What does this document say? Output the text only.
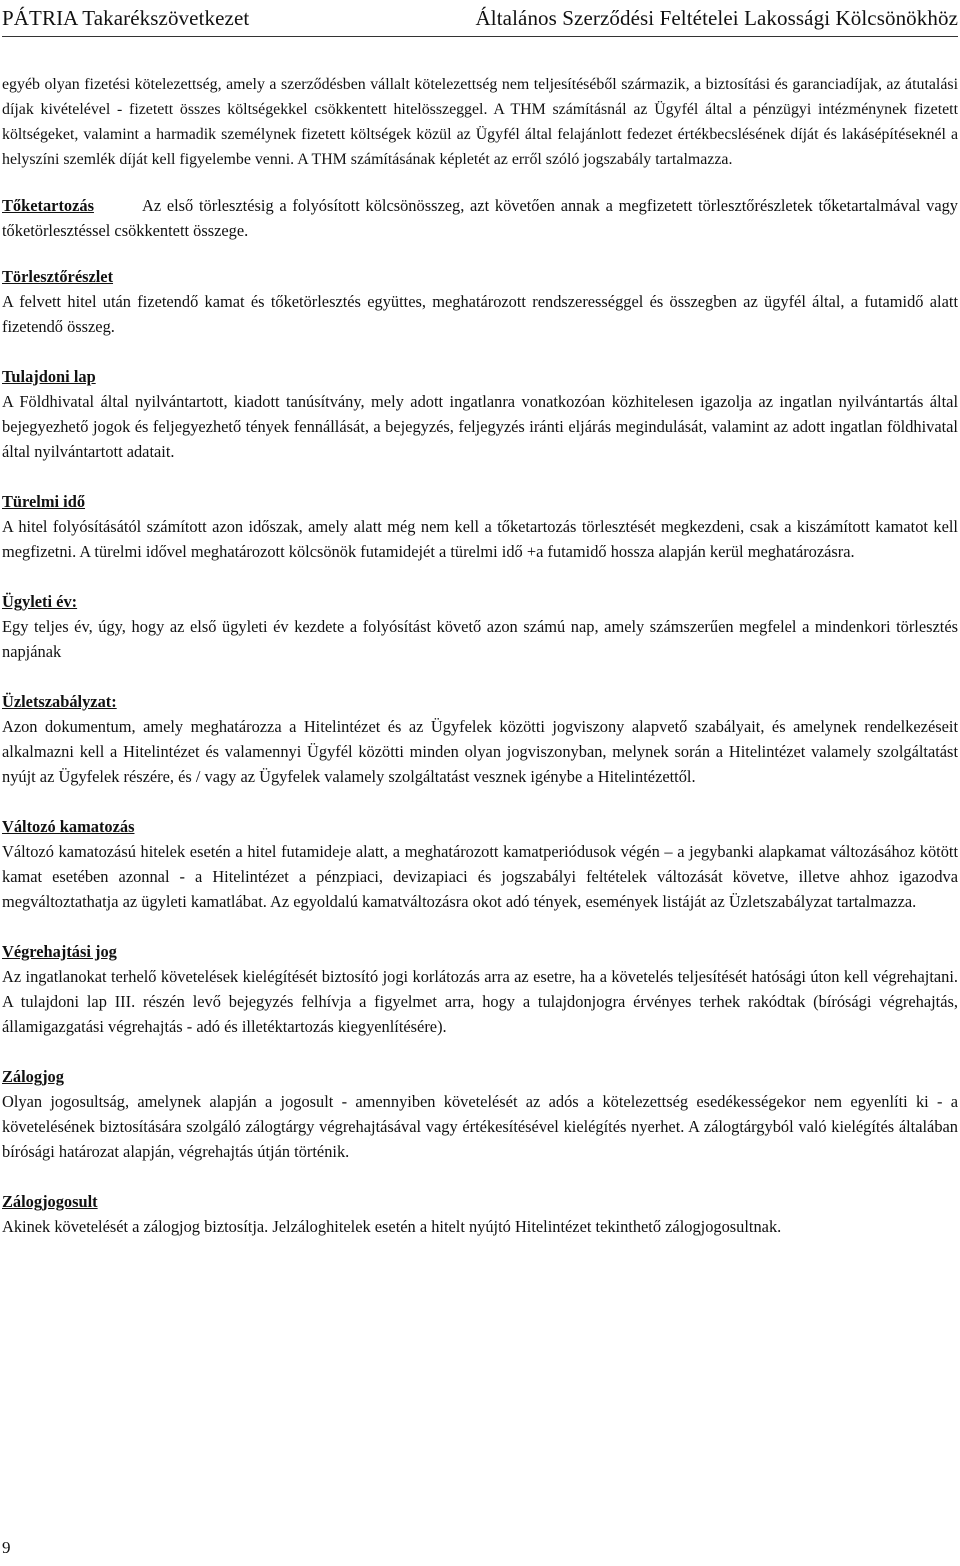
PÁTRIA Takarékszövetkezet	Általános Szerződési Feltételei Lakossági Kölcsönökhöz

egyéb olyan fizetési kötelezettség, amely a szerződésben vállalt kötelezettség nem teljesítéséből származik, a biztosítási és garanciadíjak, az átutalási díjak kivételével - fizetett összes költségekkel csökkentett hitelösszeggel. A THM számításnál az Ügyfél által a pénzügyi intézménynek fizetett költségeket, valamint a harmadik személynek fizetett költségek közül az Ügyfél által felajánlott fedezet értékbecslésének díját és lakásépítéseknél a helyszíni szemlék díját kell figyelembe venni. A THM számításának képletét az erről szóló jogszabály tartalmazza.

Tőketartozás	Az első törlesztésig a folyósított kölcsönösszeg, azt követően annak a megfizetett törlesztőrészletek tőketartalmával vagy tőketörlesztéssel csökkentett összege.

Törlesztőrészlet

A felvett hitel után fizetendő kamat és tőketörlesztés együttes, meghatározott rendszerességgel és összegben az ügyfél által, a futamidő alatt fizetendő összeg.

Tulajdoni lap

A Földhivatal által nyilvántartott, kiadott tanúsítvány, mely adott ingatlanra vonatkozóan közhitelesen igazolja az ingatlan nyilvántartás által bejegyezhető jogok és feljegyezhető tények fennállását, a bejegyzés, feljegyzés iránti eljárás megindulását, valamint az adott ingatlan földhivatal által nyilvántartott adatait.

Türelmi idő

A hitel folyósításától számított azon időszak, amely alatt még nem kell a tőketartozás törlesztését megkezdeni, csak a kiszámított kamatot kell megfizetni. A türelmi idővel meghatározott kölcsönök futamidejét a türelmi idő +a futamidő hossza alapján kerül meghatározásra.

Ügyleti év:

Egy teljes év, úgy, hogy az első ügyleti év kezdete a folyósítást követő azon számú nap, amely számszerűen megfelel a mindenkori törlesztés napjának

Üzletszabályzat:

Azon dokumentum, amely meghatározza a Hitelintézet és az Ügyfelek közötti jogviszony alapvető szabályait, és amelynek rendelkezéseit alkalmazni kell a Hitelintézet és valamennyi Ügyfél közötti minden olyan jogviszonyban, melynek során a Hitelintézet valamely szolgáltatást nyújt az Ügyfelek részére, és / vagy az Ügyfelek valamely szolgáltatást vesznek igénybe a Hitelintézettől.

Változó kamatozás

Változó kamatozású hitelek esetén a hitel futamideje alatt, a meghatározott kamatperiódusok végén – a jegybanki alapkamat változásához kötött kamat esetében azonnal - a Hitelintézet a pénzpiaci, devizapiaci és jogszabályi feltételek változását követve, illetve ahhoz igazodva megváltoztathatja az ügyleti kamatlábat. Az egyoldalú kamatváltozásra okot adó tények, események listáját az Üzletszabályzat tartalmazza.

Végrehajtási jog

Az ingatlanokat terhelő követelések kielégítését biztosító jogi korlátozás arra az esetre, ha a követelés teljesítését hatósági úton kell végrehajtani. A tulajdoni lap III. részén levő bejegyzés felhívja a figyelmet arra, hogy a tulajdonjogra érvényes terhek rakódtak (bírósági végrehajtás, államigazgatási végrehajtás - adó és illetéktartozás kiegyenlítésére).

Zálogjog

Olyan jogosultság, amelynek alapján a jogosult - amennyiben követelését az adós a kötelezettség esedékességekor nem egyenlíti ki - a követelésének biztosítására szolgáló zálogtárgy végrehajtásával vagy értékesítésével kielégítés nyerhet. A zálogtárgyból való kielégítés általában bírósági határozat alapján, végrehajtás útján történik.

Zálogjogosult

Akinek követelését a zálogjog biztosítja. Jelzáloghitelek esetén a hitelt nyújtó Hitelintézet tekinthető zálogjogosultnak.

9
